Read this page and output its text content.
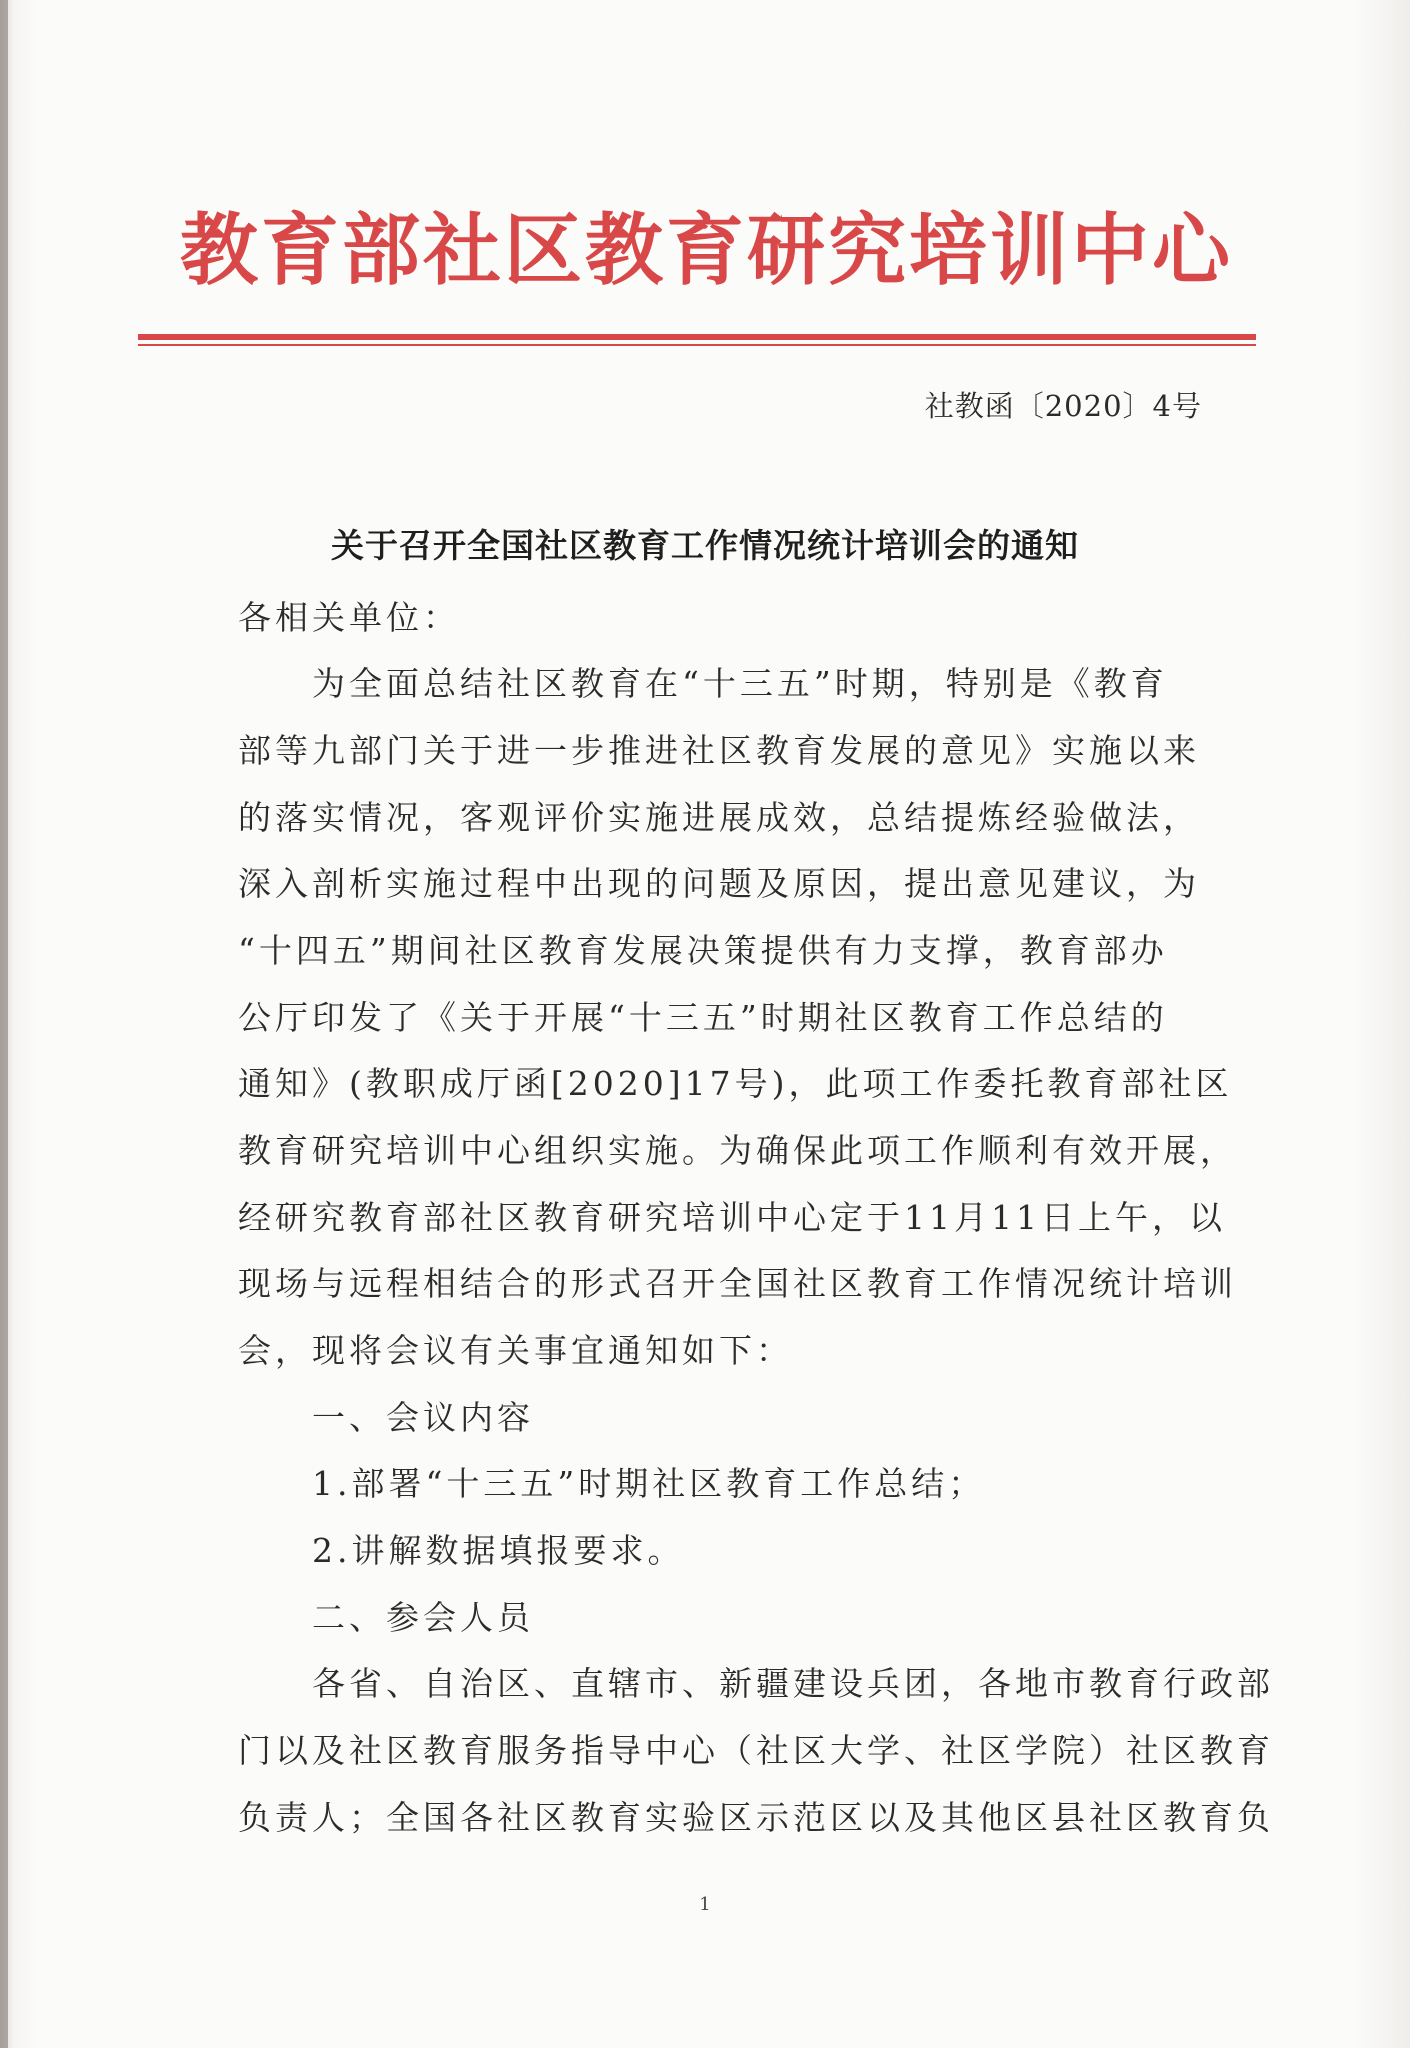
教育部社区教育研究培训中心
社教函〔2020〕4号
关于召开全国社区教育工作情况统计培训会的通知
各相关单位：
　　为全面总结社区教育在“十三五”时期，特别是《教育
部等九部门关于进一步推进社区教育发展的意见》实施以来
的落实情况，客观评价实施进展成效，总结提炼经验做法，
深入剖析实施过程中出现的问题及原因，提出意见建议，为
“十四五”期间社区教育发展决策提供有力支撑，教育部办
公厅印发了《关于开展“十三五”时期社区教育工作总结的
通知》(教职成厅函[2020]17号)，此项工作委托教育部社区
教育研究培训中心组织实施。为确保此项工作顺利有效开展，
经研究教育部社区教育研究培训中心定于11月11日上午，以
现场与远程相结合的形式召开全国社区教育工作情况统计培训
会，现将会议有关事宜通知如下：
　　一、会议内容
　　1.部署“十三五”时期社区教育工作总结；
　　2.讲解数据填报要求。
　　二、参会人员
　　各省、自治区、直辖市、新疆建设兵团，各地市教育行政部
门以及社区教育服务指导中心（社区大学、社区学院）社区教育
负责人；全国各社区教育实验区示范区以及其他区县社区教育负
1
